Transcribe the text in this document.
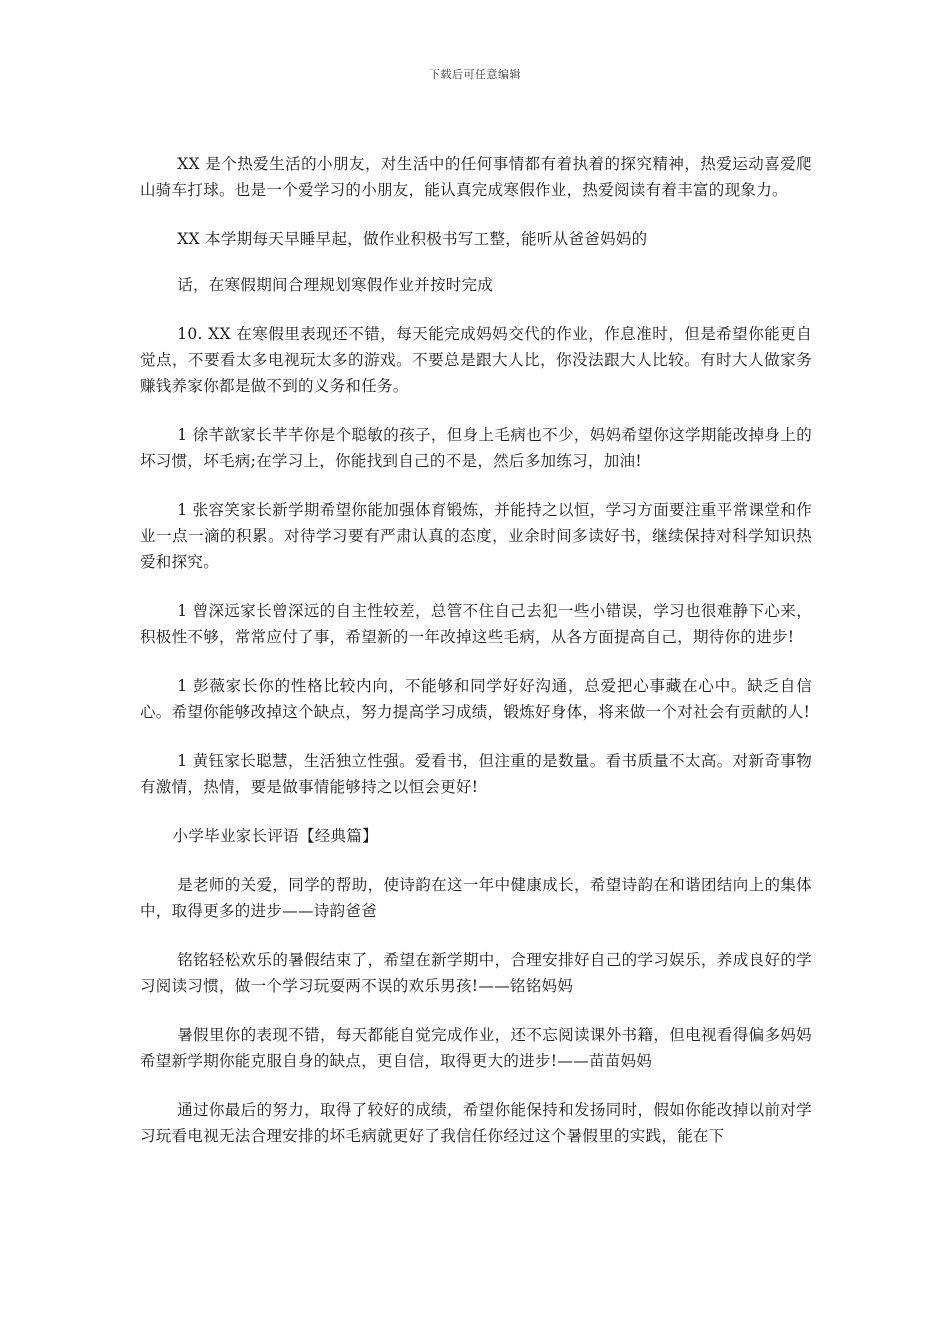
下载后可任意编辑

XX 是个热爱生活的小朋友，对生活中的任何事情都有着执着的探究精神，热爱运动喜爱爬山骑车打球。也是一个爱学习的小朋友，能认真完成寒假作业，热爱阅读有着丰富的现象力。

XX 本学期每天早睡早起，做作业积极书写工整，能听从爸爸妈妈的

话，在寒假期间合理规划寒假作业并按时完成

10. XX 在寒假里表现还不错，每天能完成妈妈交代的作业，作息准时，但是希望你能更自觉点，不要看太多电视玩太多的游戏。不要总是跟大人比，你没法跟大人比较。有时大人做家务赚钱养家你都是做不到的义务和任务。

1 徐芊歆家长芊芊你是个聪敏的孩子，但身上毛病也不少，妈妈希望你这学期能改掉身上的坏习惯，坏毛病;在学习上，你能找到自己的不是，然后多加练习，加油!

1 张容笑家长新学期希望你能加强体育锻炼，并能持之以恒，学习方面要注重平常课堂和作业一点一滴的积累。对待学习要有严肃认真的态度，业余时间多读好书，继续保持对科学知识热爱和探究。

1 曾深远家长曾深远的自主性较差，总管不住自己去犯一些小错误，学习也很难静下心来，积极性不够，常常应付了事，希望新的一年改掉这些毛病，从各方面提高自己，期待你的进步!

1 彭薇家长你的性格比较内向，不能够和同学好好沟通，总爱把心事藏在心中。缺乏自信心。希望你能够改掉这个缺点，努力提高学习成绩，锻炼好身体，将来做一个对社会有贡献的人!

1 黄钰家长聪慧，生活独立性强。爱看书，但注重的是数量。看书质量不太高。对新奇事物有激情，热情，要是做事情能够持之以恒会更好!

小学毕业家长评语【经典篇】

是老师的关爱，同学的帮助，使诗韵在这一年中健康成长，希望诗韵在和谐团结向上的集体中，取得更多的进步——诗韵爸爸

铭铭轻松欢乐的暑假结束了，希望在新学期中，合理安排好自己的学习娱乐，养成良好的学习阅读习惯，做一个学习玩耍两不误的欢乐男孩!——铭铭妈妈

暑假里你的表现不错，每天都能自觉完成作业，还不忘阅读课外书籍，但电视看得偏多妈妈希望新学期你能克服自身的缺点，更自信，取得更大的进步!——苗苗妈妈

通过你最后的努力，取得了较好的成绩，希望你能保持和发扬同时，假如你能改掉以前对学习玩看电视无法合理安排的坏毛病就更好了我信任你经过这个暑假里的实践，能在下
